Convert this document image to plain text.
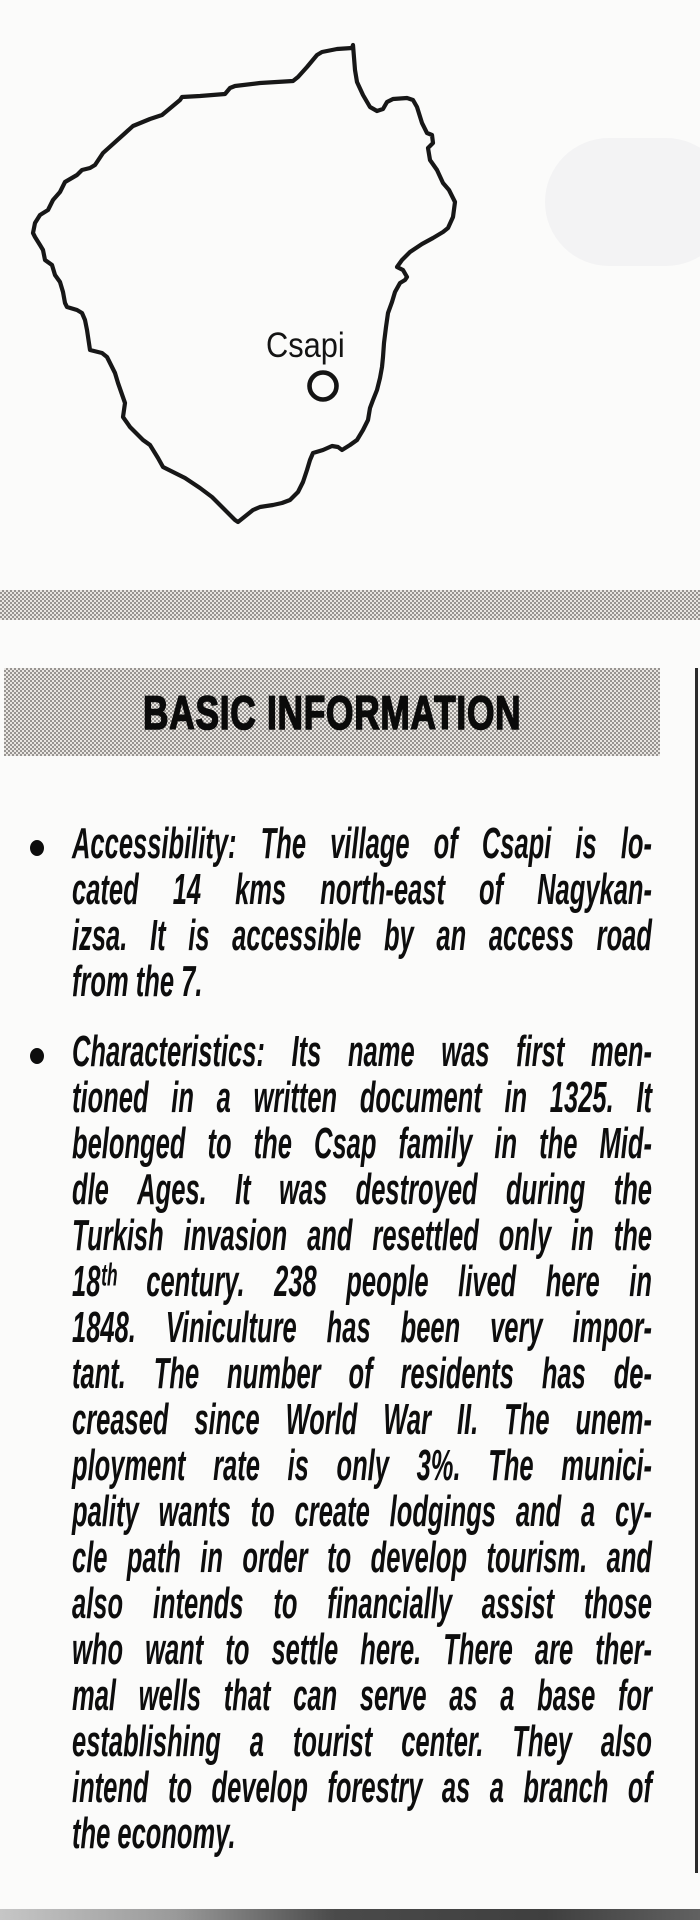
Csapi
BASIC INFORMATION
Accessibility: The village of Csapi is lo-
cated 14 kms north-east of Nagykan-
izsa. It is accessible by an access road
from the 7.
Characteristics: Its name was first men-
tioned in a written document in 1325. It
belonged to the Csap family in the Mid-
dle Ages. It was destroyed during the
Turkish invasion and resettled only in the
18ᵗʰ century. 238 people lived here in
1848. Viniculture has been very impor-
tant. The number of residents has de-
creased since World War II. The unem-
ployment rate is only 3%. The munici-
pality wants to create lodgings and a cy-
cle path in order to develop tourism. and
also intends to financially assist those
who want to settle here. There are ther-
mal wells that can serve as a base for
establishing a tourist center. They also
intend to develop forestry as a branch of
the economy.
